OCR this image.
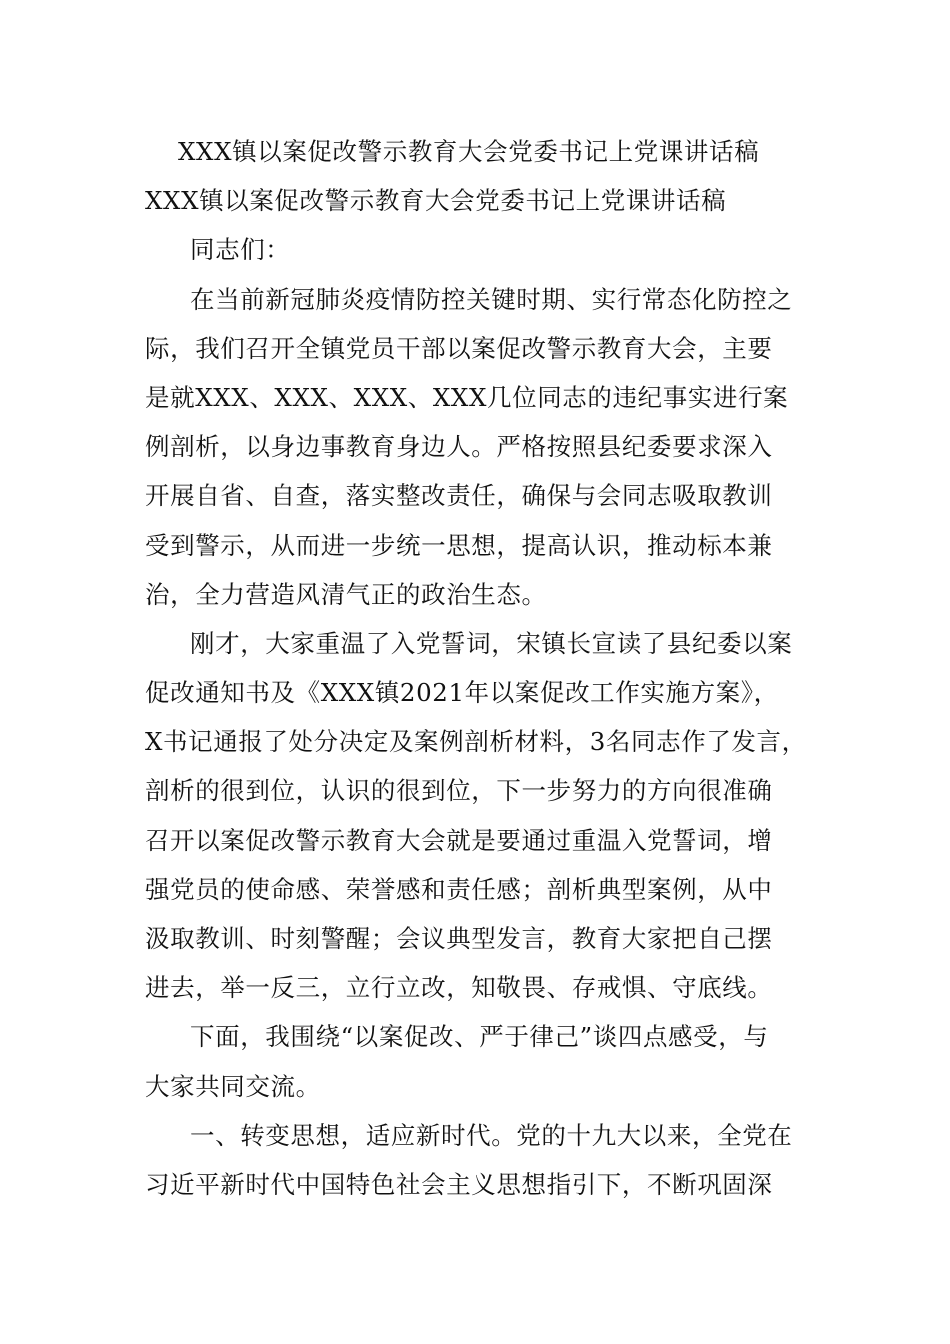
XXX镇以案促改警示教育大会党委书记上党课讲话稿
XXX镇以案促改警示教育大会党委书记上党课讲话稿
同志们：
在当前新冠肺炎疫情防控关键时期、实行常态化防控之
际，我们召开全镇党员干部以案促改警示教育大会，主要
是就XXX、XXX、XXX、XXX几位同志的违纪事实进行案
例剖析，以身边事教育身边人。严格按照县纪委要求深入
开展自省、自查，落实整改责任，确保与会同志吸取教训
受到警示，从而进一步统一思想，提高认识，推动标本兼
治，全力营造风清气正的政治生态。
刚才，大家重温了入党誓词，宋镇长宣读了县纪委以案
促改通知书及《XXX镇2021年以案促改工作实施方案》，
X书记通报了处分决定及案例剖析材料，3名同志作了发言，
剖析的很到位，认识的很到位，下一步努力的方向很准确
召开以案促改警示教育大会就是要通过重温入党誓词，增
强党员的使命感、荣誉感和责任感；剖析典型案例，从中
汲取教训、时刻警醒；会议典型发言，教育大家把自己摆
进去，举一反三，立行立改，知敬畏、存戒惧、守底线。
下面，我围绕“以案促改、严于律己”谈四点感受，与
大家共同交流。
一、转变思想，适应新时代。党的十九大以来，全党在
习近平新时代中国特色社会主义思想指引下，不断巩固深
